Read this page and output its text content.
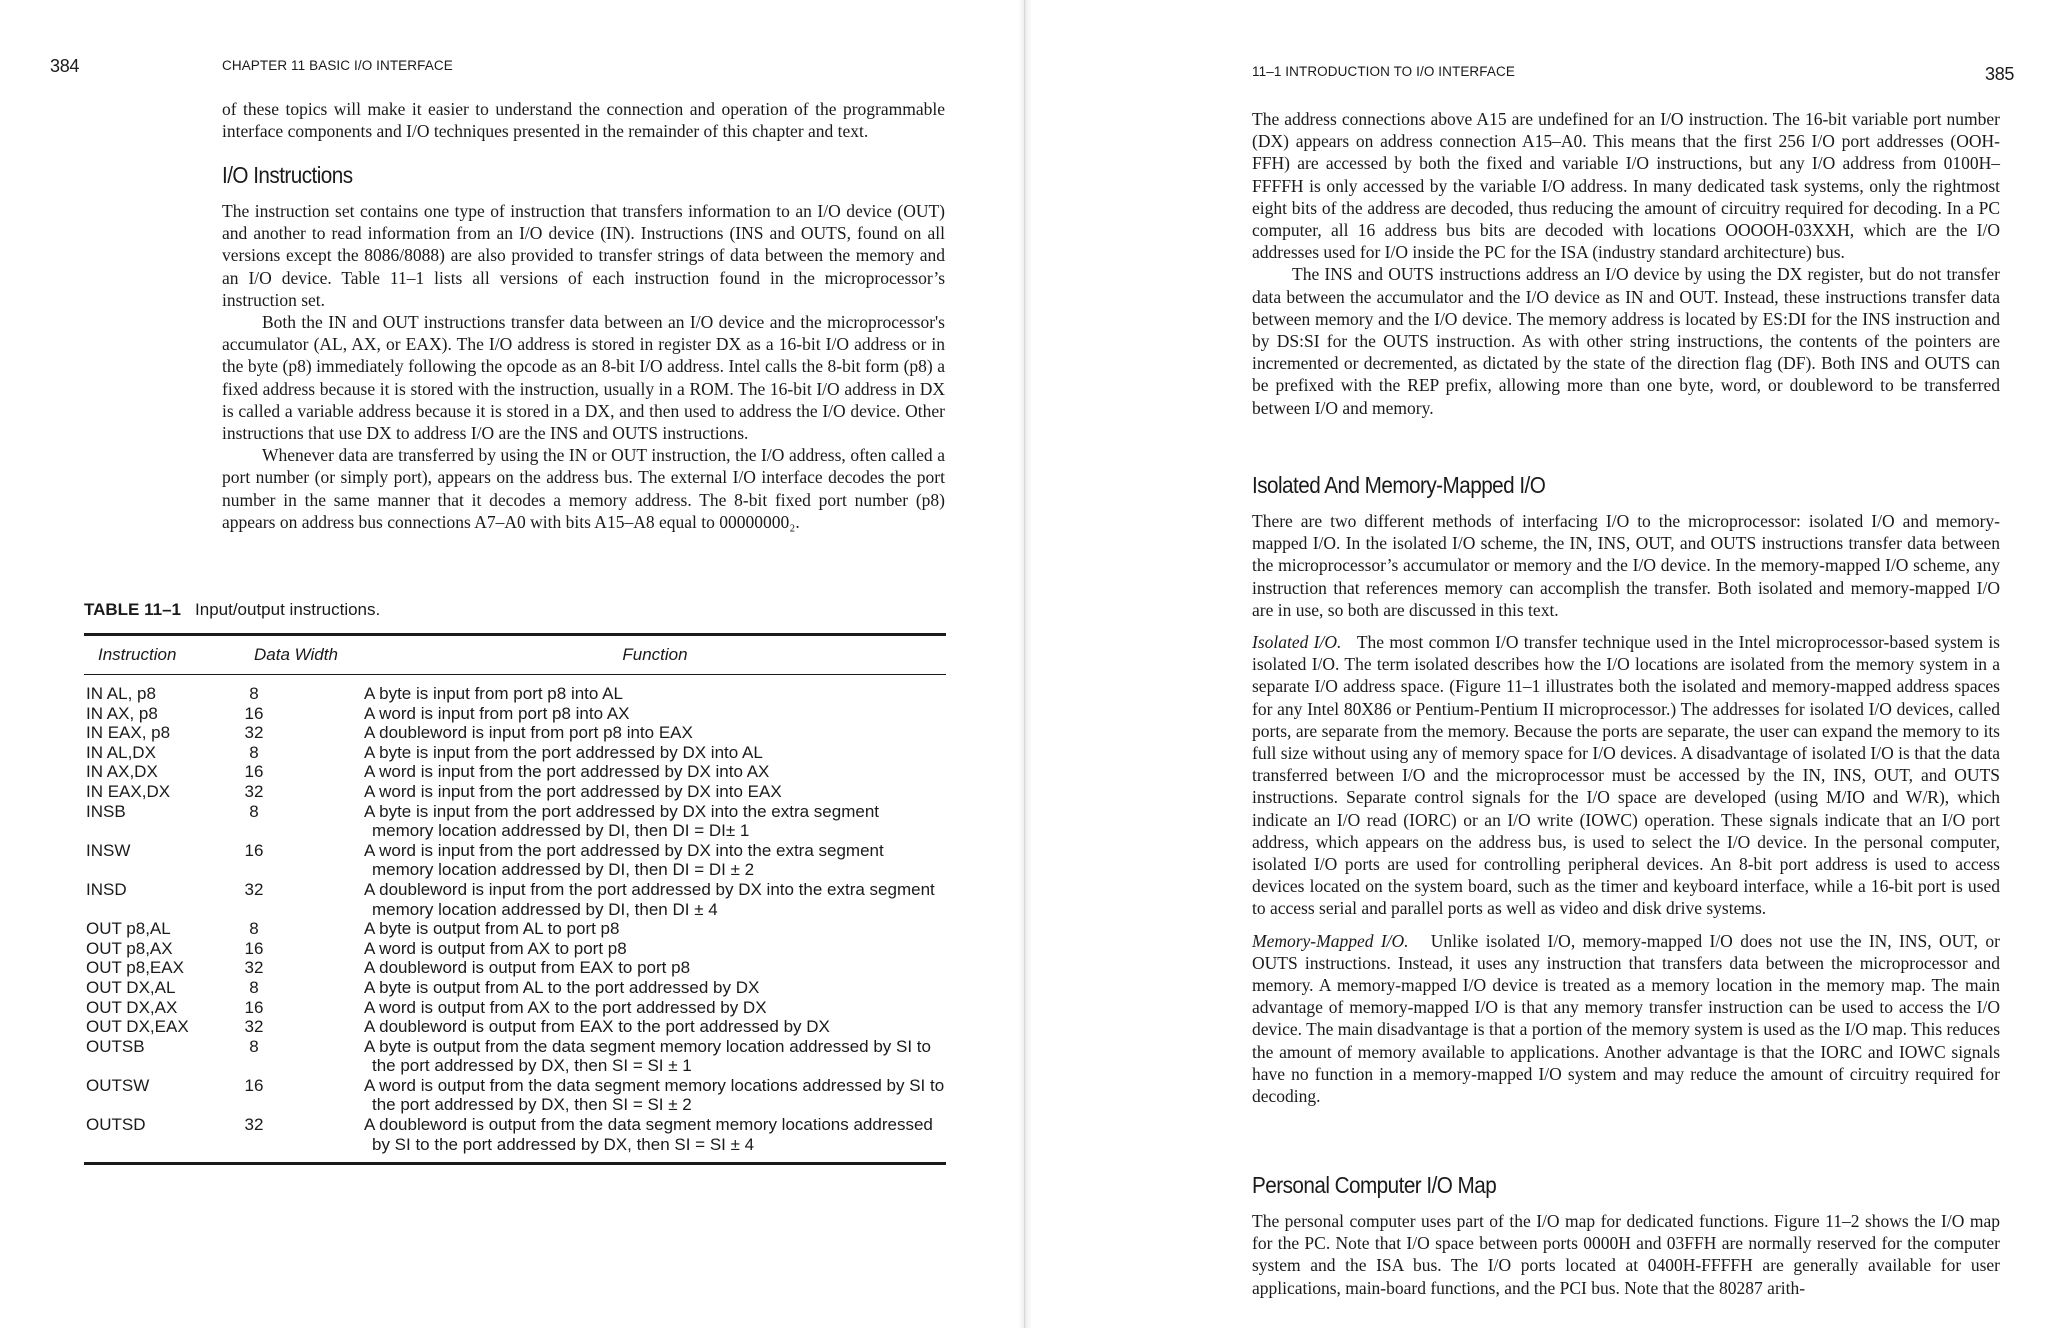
384	CHAPTER 11 BASIC I/O INTERFACE

of these topics will make it easier to understand the connection and operation of the programmable interface components and I/O techniques presented in the remainder of this chapter and text.

I/O Instructions

The instruction set contains one type of instruction that transfers information to an I/O device (OUT) and another to read information from an I/O device (IN). Instructions (INS and OUTS, found on all versions except the 8086/8088) are also provided to transfer strings of data between the memory and an I/O device. Table 11–1 lists all versions of each instruction found in the microprocessor’s instruction set.

Both the IN and OUT instructions transfer data between an I/O device and the microprocessor's accumulator (AL, AX, or EAX). The I/O address is stored in register DX as a 16-bit I/O address or in the byte (p8) immediately following the opcode as an 8-bit I/O address. Intel calls the 8-bit form (p8) a fixed address because it is stored with the instruction, usually in a ROM. The 16-bit I/O address in DX is called a variable address because it is stored in a DX, and then used to address the I/O device. Other instructions that use DX to address I/O are the INS and OUTS instructions.

Whenever data are transferred by using the IN or OUT instruction, the I/O address, often called a port number (or simply port), appears on the address bus. The external I/O interface decodes the port number in the same manner that it decodes a memory address. The 8-bit fixed port number (p8) appears on address bus connections A7–A0 with bits A15–A8 equal to 00000000₂.

TABLE 11–1 Input/output instructions.
Instruction	Data Width	Function
IN AL, p8	8	A byte is input from port p8 into AL

IN AX, p8	16	A word is input from port p8 into AX

IN EAX, p8	32	A doubleword is input from port p8 into EAX

IN AL,DX	8	A byte is input from the port addressed by DX into AL

IN AX,DX	16	A word is input from the port addressed by DX into AX

IN EAX,DX	32	A word is input from the port addressed by DX into EAX

INSB	8	A byte is input from the port addressed by DX into the extra segment
memory location addressed by DI, then DI = DI± 1

INSW	16	A word is input from the port addressed by DX into the extra segment
memory location addressed by DI, then DI = DI ± 2

INSD	32	A doubleword is input from the port addressed by DX into the extra segment
memory location addressed by DI, then DI ± 4

OUT p8,AL	8	A byte is output from AL to port p8

OUT p8,AX	16	A word is output from AX to port p8

OUT p8,EAX	32	A doubleword is output from EAX to port p8

OUT DX,AL	8	A byte is output from AL to the port addressed by DX

OUT DX,AX	16	A word is output from AX to the port addressed by DX

OUT DX,EAX	32	A doubleword is output from EAX to the port addressed by DX

OUTSB	8	A byte is output from the data segment memory location addressed by SI to
the port addressed by DX, then SI = SI ± 1

OUTSW	16	A word is output from the data segment memory locations addressed by SI to
the port addressed by DX, then SI = SI ± 2

OUTSD	32	A doubleword is output from the data segment memory locations addressed
by SI to the port addressed by DX, then SI = SI ± 4
11–1 INTRODUCTION TO I/O INTERFACE	385

The address connections above A15 are undefined for an I/O instruction. The 16-bit variable port number (DX) appears on address connection A15–A0. This means that the first 256 I/O port addresses (OOH-FFH) are accessed by both the fixed and variable I/O instructions, but any I/O address from 0100H–FFFFH is only accessed by the variable I/O address. In many dedicated task systems, only the rightmost eight bits of the address are decoded, thus reducing the amount of circuitry required for decoding. In a PC computer, all 16 address bus bits are decoded with locations OOOOH-03XXH, which are the I/O addresses used for I/O inside the PC for the ISA (industry standard architecture) bus.

The INS and OUTS instructions address an I/O device by using the DX register, but do not transfer data between the accumulator and the I/O device as IN and OUT. Instead, these instructions transfer data between memory and the I/O device. The memory address is located by ES:DI for the INS instruction and by DS:SI for the OUTS instruction. As with other string instructions, the contents of the pointers are incremented or decremented, as dictated by the state of the direction flag (DF). Both INS and OUTS can be prefixed with the REP prefix, allowing more than one byte, word, or doubleword to be transferred between I/O and memory.

Isolated And Memory-Mapped I/O

There are two different methods of interfacing I/O to the microprocessor: isolated I/O and memory-mapped I/O. In the isolated I/O scheme, the IN, INS, OUT, and OUTS instructions transfer data between the microprocessor’s accumulator or memory and the I/O device. In the memory-mapped I/O scheme, any instruction that references memory can accomplish the transfer. Both isolated and memory-mapped I/O are in use, so both are discussed in this text.

Isolated I/O. The most common I/O transfer technique used in the Intel microprocessor-based system is isolated I/O. The term isolated describes how the I/O locations are isolated from the memory system in a separate I/O address space. (Figure 11–1 illustrates both the isolated and memory-mapped address spaces for any Intel 80X86 or Pentium-Pentium II microprocessor.) The addresses for isolated I/O devices, called ports, are separate from the memory. Because the ports are separate, the user can expand the memory to its full size without using any of memory space for I/O devices. A disadvantage of isolated I/O is that the data transferred between I/O and the microprocessor must be accessed by the IN, INS, OUT, and OUTS instructions. Separate control signals for the I/O space are developed (using M/IO and W/R), which indicate an I/O read (IORC) or an I/O write (IOWC) operation. These signals indicate that an I/O port address, which appears on the address bus, is used to select the I/O device. In the personal computer, isolated I/O ports are used for controlling peripheral devices. An 8-bit port address is used to access devices located on the system board, such as the timer and keyboard interface, while a 16-bit port is used to access serial and parallel ports as well as video and disk drive systems.

Memory-Mapped I/O. Unlike isolated I/O, memory-mapped I/O does not use the IN, INS, OUT, or OUTS instructions. Instead, it uses any instruction that transfers data between the microprocessor and memory. A memory-mapped I/O device is treated as a memory location in the memory map. The main advantage of memory-mapped I/O is that any memory transfer instruction can be used to access the I/O device. The main disadvantage is that a portion of the memory system is used as the I/O map. This reduces the amount of memory available to applications. Another advantage is that the IORC and IOWC signals have no function in a memory-mapped I/O system and may reduce the amount of circuitry required for decoding.

Personal Computer I/O Map

The personal computer uses part of the I/O map for dedicated functions. Figure 11–2 shows the I/O map for the PC. Note that I/O space between ports 0000H and 03FFH are normally reserved for the computer system and the ISA bus. The I/O ports located at 0400H-FFFFH are generally available for user applications, main-board functions, and the PCI bus. Note that the 80287 arith-
